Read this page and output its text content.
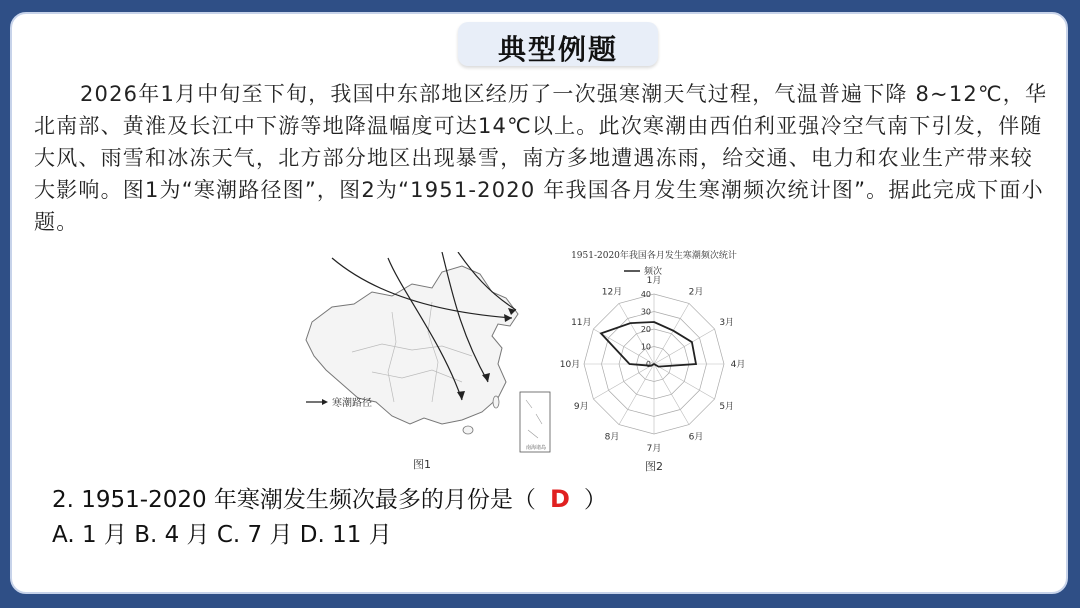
典型例题
2026年1月中旬至下旬，我国中东部地区经历了一次强寒潮天气过程，气温普遍下降 8~12℃，华北南部、黄淮及长江中下游等地降温幅度可达14℃以上。此次寒潮由西伯利亚强冷空气南下引发，伴随大风、雨雪和冰冻天气，北方部分地区出现暴雪，南方多地遭遇冻雨，给交通、电力和农业生产带来较大影响。图1为“寒潮路径图”，图2为“1951-2020 年我国各月发生寒潮频次统计图”。据此完成下面小题。
寒潮路径
南海诸岛
图1
1951-2020年我国各月发生寒潮频次统计
频次
1月
2月
3月
4月
5月
6月
7月
8月
9月
10月
11月
12月
0
10
20
30
40
图2
2. 1951-2020 年寒潮发生频次最多的月份是（ D ）
A. 1 月 B. 4 月 C. 7 月 D. 11 月
